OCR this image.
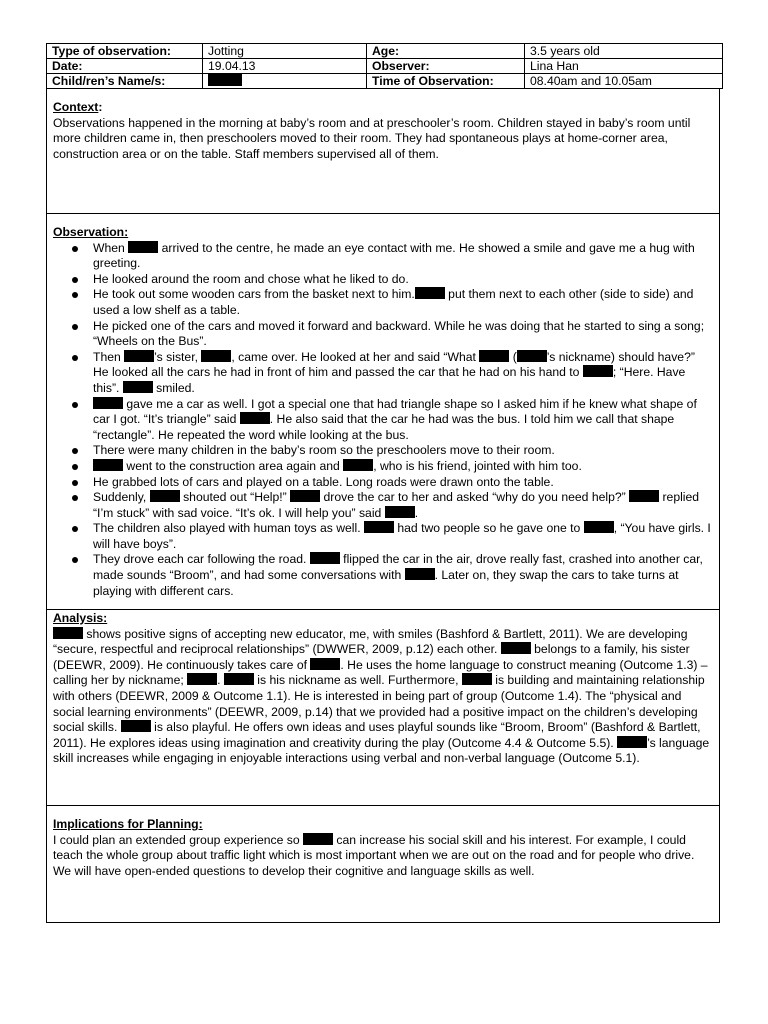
Type of observation:	Jotting	Age:	3.5 years old
Date:	19.04.13	Observer:	Lina Han
Child/ren’s Name/s:		Time of Observation:	08.40am and 10.05am
Context:

Observations happened in the morning at baby’s room and at preschooler’s room. Children stayed in baby’s room until more children came in, then preschoolers moved to their room. They had spontaneous plays at home-corner area, construction area or on the table. Staff members supervised all of them.

Observation:
When  arrived to the centre, he made an eye contact with me. He showed a smile and gave me a hug with greeting.
He looked around the room and chose what he liked to do.
He took out some wooden cars from the basket next to him. put them next to each other (side to side) and used a low shelf as a table.
He picked one of the cars and moved it forward and backward. While he was doing that he started to sing a song; “Wheels on the Bus”.
Then ’s sister, , came over. He looked at her and said “What  ( ’s nickname) should have?” He looked all the cars he had in front of him and passed the car that he had on his hand to ; “Here. Have this”.  smiled.
gave me a car as well. I got a special one that had triangle shape so I asked him if he knew what shape of car I got. “It’s triangle” said . He also said that the car he had was the bus. I told him we call that shape “rectangle”. He repeated the word while looking at the bus.
There were many children in the baby’s room so the preschoolers move to their room.
went to the construction area again and , who is his friend, jointed with him too.
He grabbed lots of cars and played on a table. Long roads were drawn onto the table.
Suddenly,  shouted out “Help!”  drove the car to her and asked “why do you need help?”  replied “I’m stuck” with sad voice. “It’s ok. I will help you” said .
The children also played with human toys as well.  had two people so he gave one to , “You have girls. I will have boys”.
They drove each car following the road.  flipped the car in the air, drove really fast, crashed into another car, made sounds “Broom”, and had some conversations with . Later on, they swap the cars to take turns at playing with different cars.
Analysis:

shows positive signs of accepting new educator, me, with smiles (Bashford & Bartlett, 2011). We are developing “secure, respectful and reciprocal relationships” (DWWER, 2009, p.12) each other.  belongs to a family, his sister (DEEWR, 2009). He continuously takes care of . He uses the home language to construct meaning (Outcome 1.3) – calling her by nickname; .  is his nickname as well. Furthermore,  is building and maintaining relationship with others (DEEWR, 2009 & Outcome 1.1). He is interested in being part of group (Outcome 1.4). The “physical and social learning environments” (DEEWR, 2009, p.14) that we provided had a positive impact on the children’s developing social skills.  is also playful. He offers own ideas and uses playful sounds like “Broom, Broom” (Bashford & Bartlett, 2011). He explores ideas using imagination and creativity during the play (Outcome 4.4 & Outcome 5.5). ’s language skill increases while engaging in enjoyable interactions using verbal and non-verbal language (Outcome 5.1).

Implications for Planning:

I could plan an extended group experience so  can increase his social skill and his interest. For example, I could teach the whole group about traffic light which is most important when we are out on the road and for people who drive. We will have open-ended questions to develop their cognitive and language skills as well.
